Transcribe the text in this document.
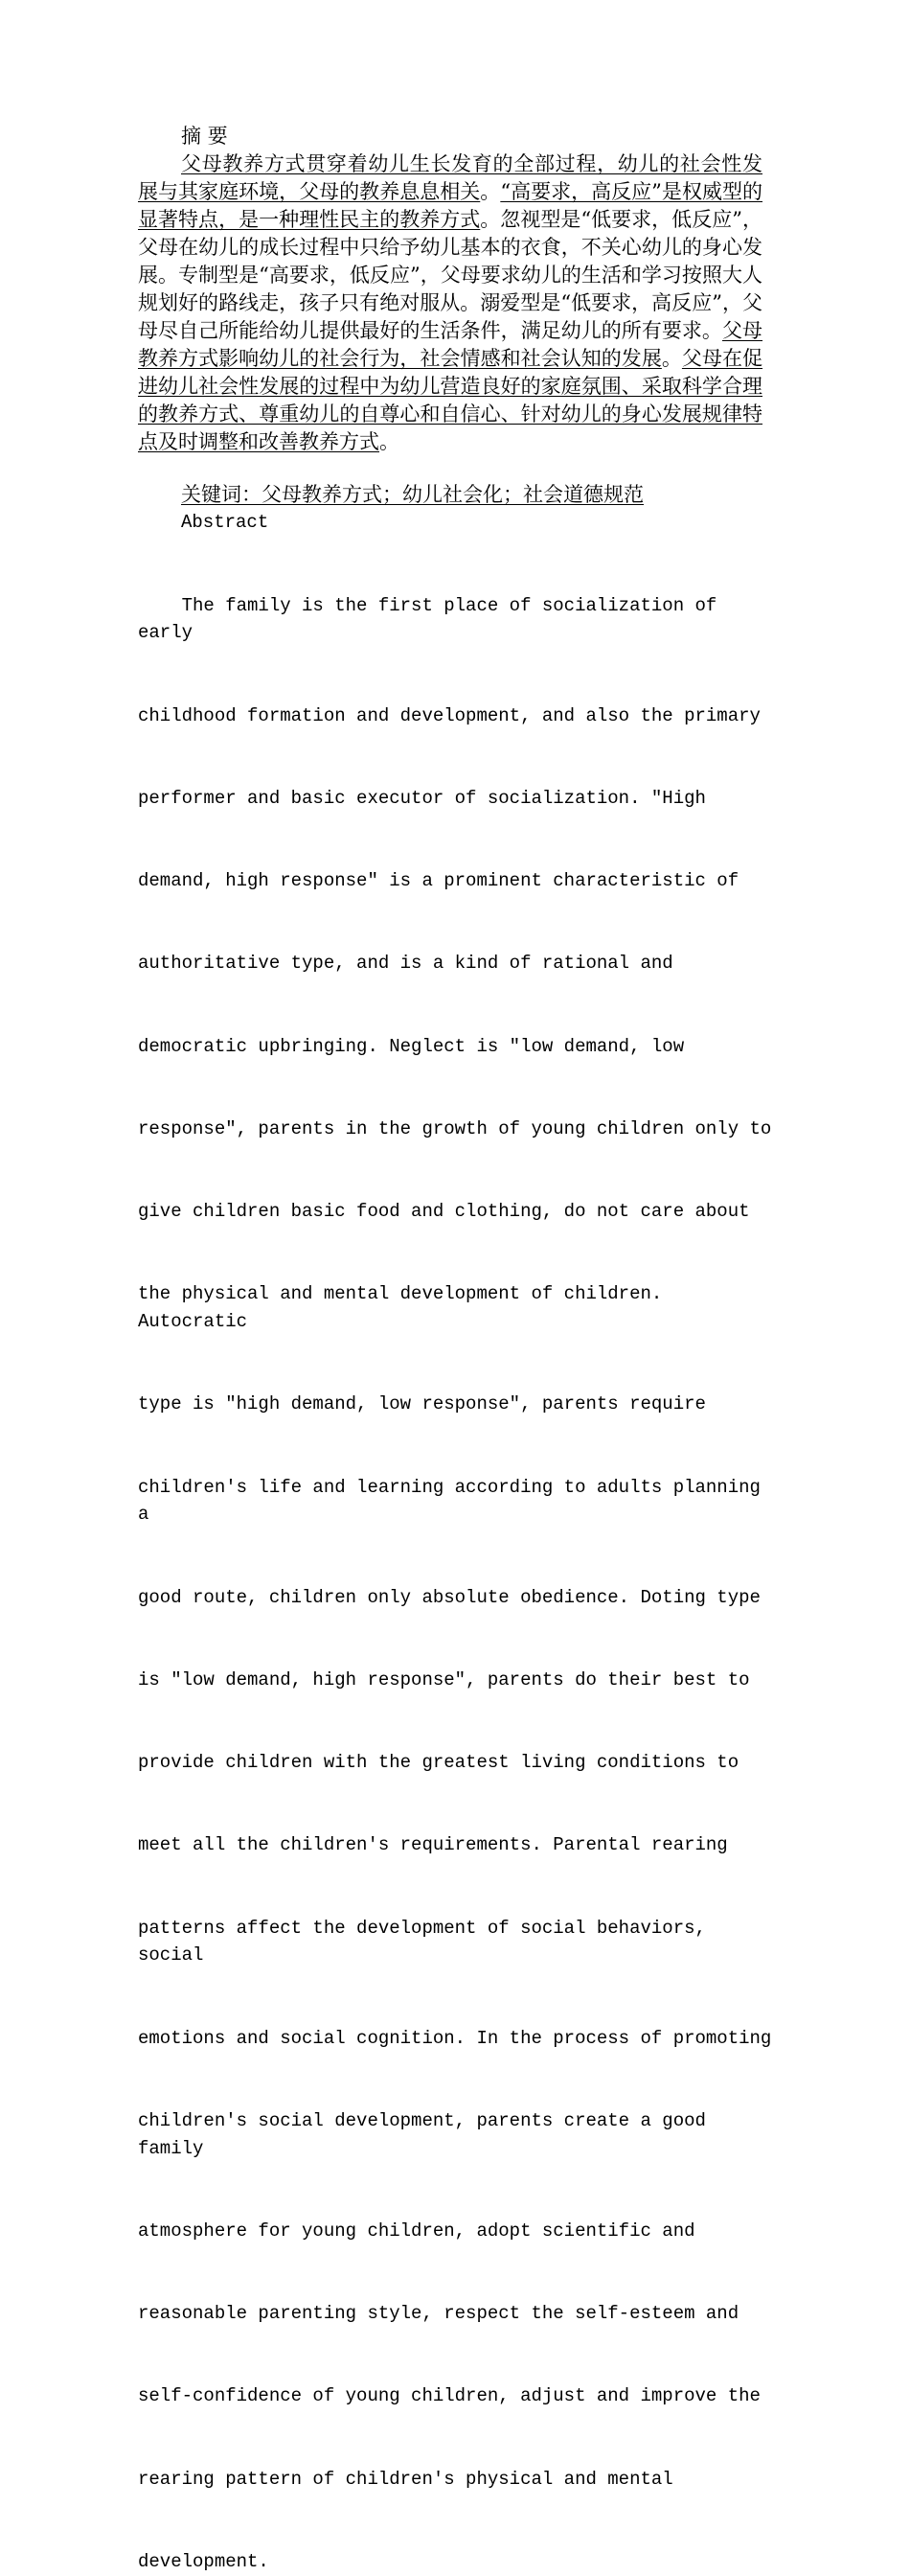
摘 要
父母教养方式贯穿着幼儿生长发育的全部过程，幼儿的社会性发展与其家庭环境，父母的教养息息相关。“高要求，高反应”是权威型的显著特点，是一种理性民主的教养方式。忽视型是“低要求，低反应”，父母在幼儿的成长过程中只给予幼儿基本的衣食，不关心幼儿的身心发展。专制型是“高要求，低反应”，父母要求幼儿的生活和学习按照大人规划好的路线走，孩子只有绝对服从。溺爱型是“低要求，高反应”，父母尽自己所能给幼儿提供最好的生活条件，满足幼儿的所有要求。父母教养方式影响幼儿的社会行为，社会情感和社会认知的发展。父母在促进幼儿社会性发展的过程中为幼儿营造良好的家庭氛围、采取科学合理的教养方式、尊重幼儿的自尊心和自信心、针对幼儿的身心发展规律特点及时调整和改善教养方式。
关键词：父母教养方式；幼儿社会化；社会道德规范
Abstract

The family is the first place of socialization of early

childhood formation and development, and also the primary

performer and basic executor of socialization. "High

demand, high response" is a prominent characteristic of

authoritative type, and is a kind of rational and

democratic upbringing. Neglect is "low demand, low

response", parents in the growth of young children only to

give children basic food and clothing, do not care about

the physical and mental development of children. Autocratic

type is "high demand, low response", parents require

children's life and learning according to adults planning a

good route, children only absolute obedience. Doting type

is "low demand, high response", parents do their best to

provide children with the greatest living conditions to

meet all the children's requirements. Parental rearing

patterns affect the development of social behaviors, social

emotions and social cognition. In the process of promoting

children's social development, parents create a good family

atmosphere for young children, adopt scientific and

reasonable parenting style, respect the self-esteem and

self-confidence of young children, adjust and improve the

rearing pattern of children's physical and mental

development.
